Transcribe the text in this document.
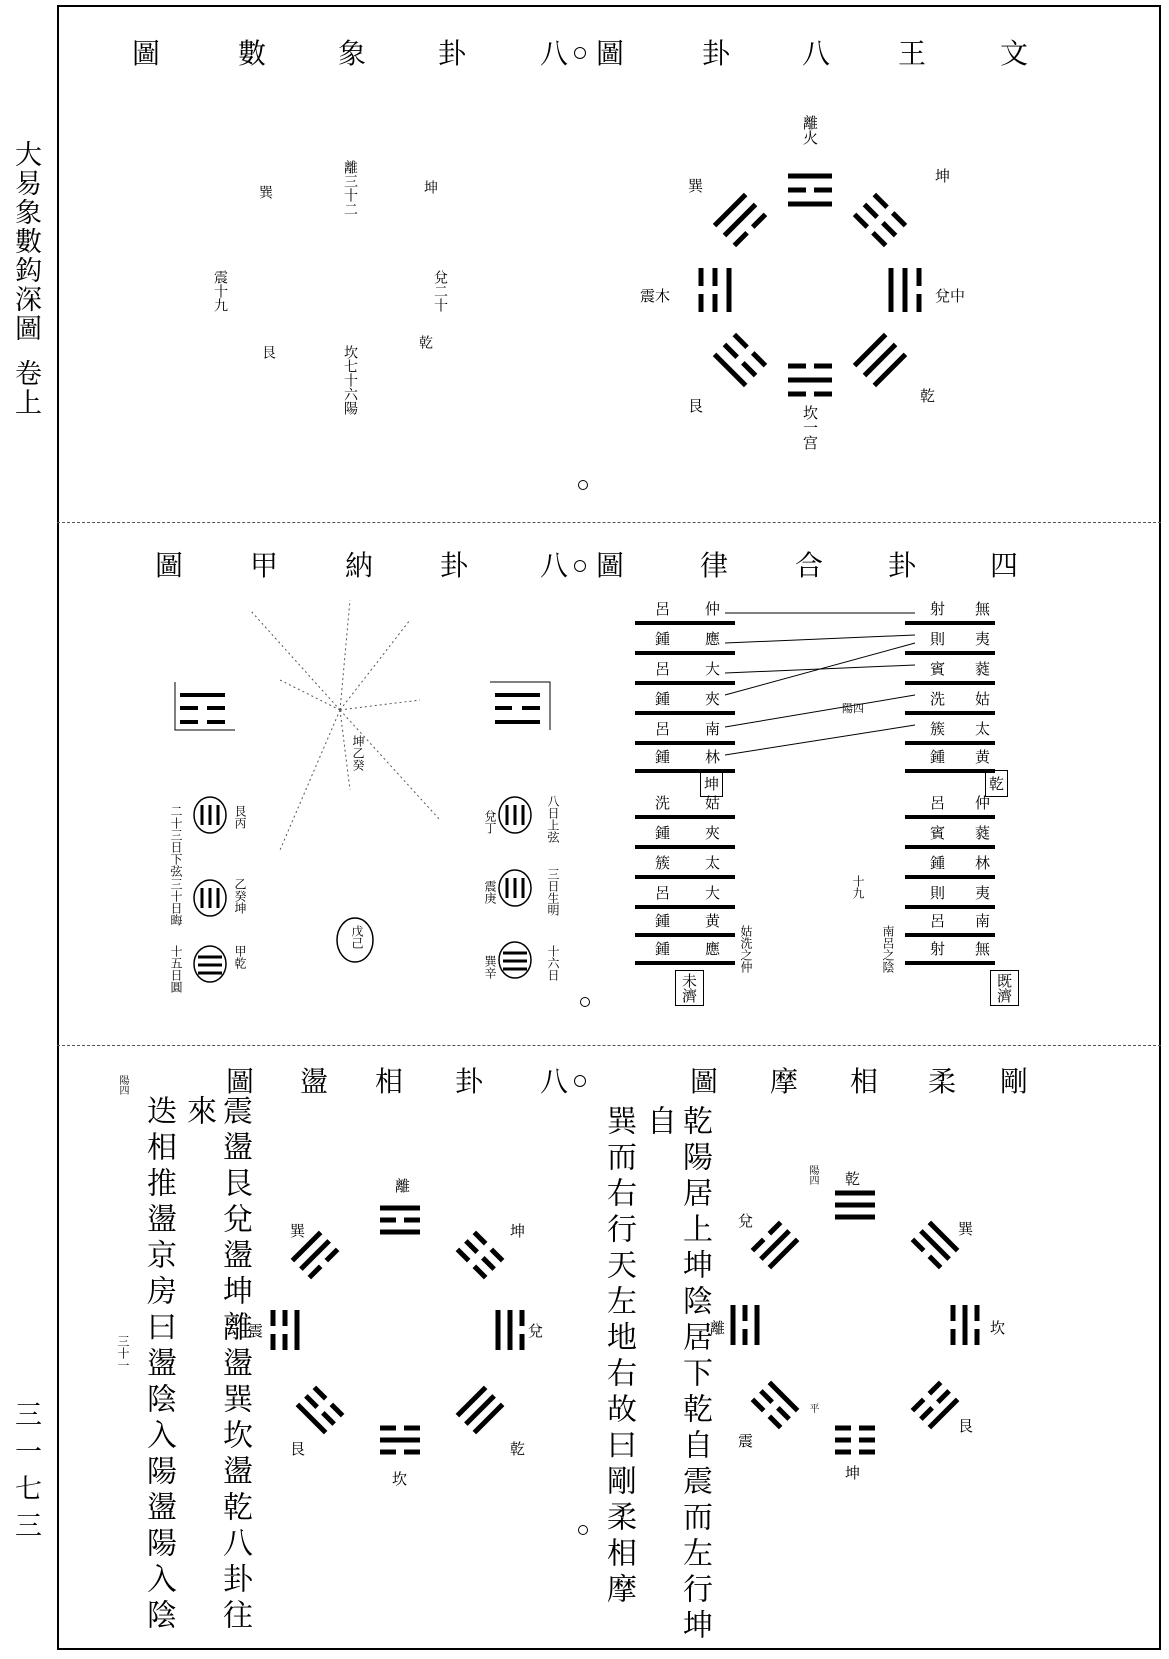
大易象數鈎深圖卷上
三一七三
圖	數	象	卦	八 ○ 圖	卦	八 王	文
離火
坎一宫
震木	兌中
巽
坤
艮
乾
離三十二
坎七十六陽
震十九	兌二十
巽	坤
艮
乾
圖 甲 納 卦	八 ○ 圖	律 合 卦	四
呂 仲
鍾 應
呂 大
鍾 夾
呂 南
鍾 林
射 無
則 夷
賓 蕤
洗 姑
簇 太
鍾 黄
陽四
坤	乾
洗 姑
鍾 夾
簇 太
呂 大
鍾 黄
鍾 應
呂 仲
賓 蕤
鍾 林
則 夷
呂 南
射 無
未濟	既濟
姑洗之仲	南呂之陰
十九
二十三日下弦
三十日晦
十五日圓
艮丙
乙癸坤
甲乾
八日上弦
三日生明
十六日
兌丁
震庚
巽辛
戊己
坤乙癸
圖 盪 相 卦 八	圖 摩 相 柔 剛
乾陽居上坤陰居下乾自震而左行坤自
巽而右行天左地右故曰剛柔相摩
震盪艮兌盪坤離盪巽坎盪乾八卦往來
迭相推盪京房曰盪陰入陽盪陽入陰
陽四
三十一
陽四
平
乾
坤
離	坎
兌	巽
震
艮
離
坎
震	兌
巽	坤
艮	乾
